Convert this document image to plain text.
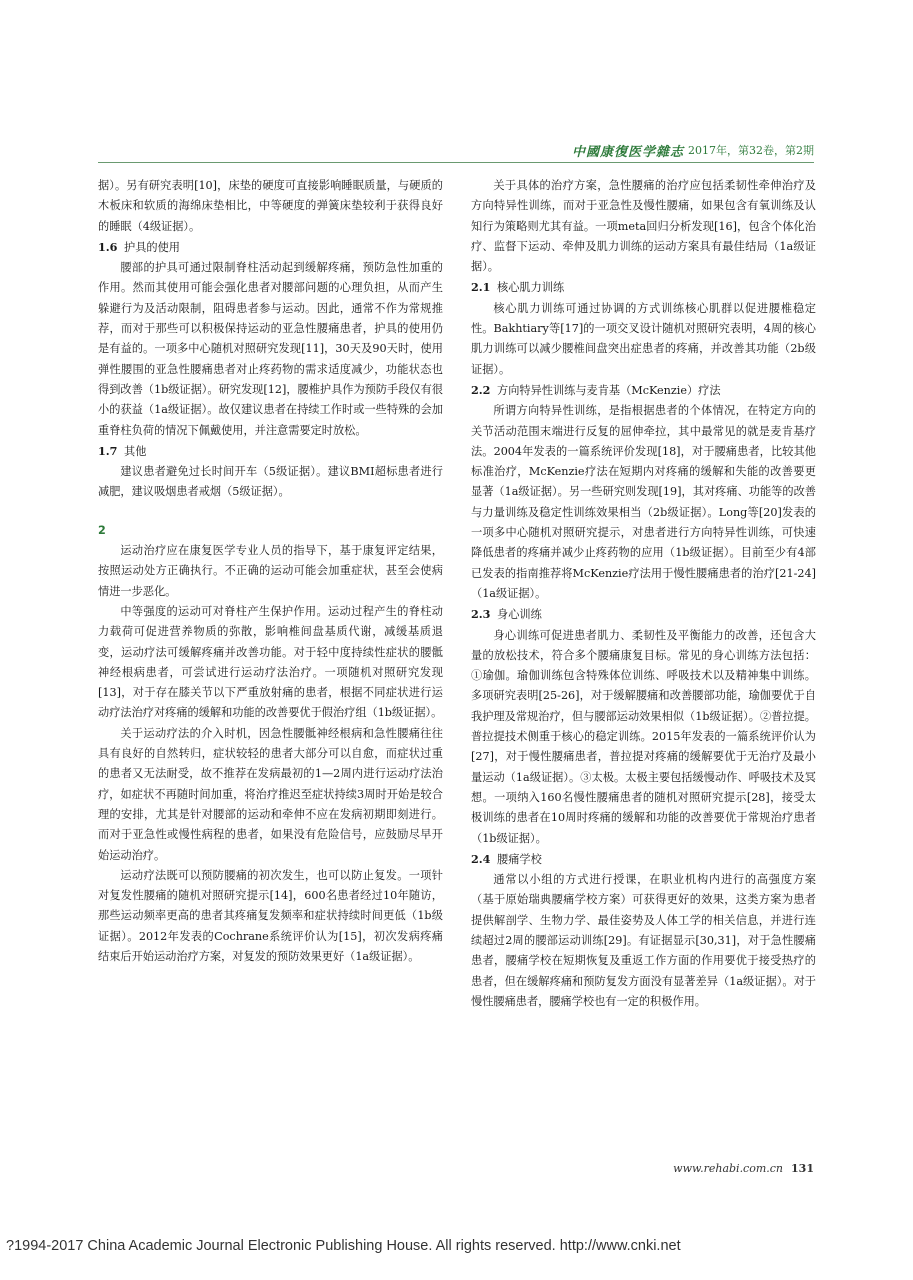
中國康復医学雜志 2017年，第32卷，第2期

据）。另有研究表明[10]，床垫的硬度可直接影响睡眠质量，与硬质的木板床和软质的海绵床垫相比，中等硬度的弹簧床垫较利于获得良好的睡眠（4级证据）。

1.6 护具的使用

腰部的护具可通过限制脊柱活动起到缓解疼痛，预防急性加重的作用。然而其使用可能会强化患者对腰部问题的心理负担，从而产生躲避行为及活动限制，阻碍患者参与运动。因此，通常不作为常规推荐，而对于那些可以积极保持运动的亚急性腰痛患者，护具的使用仍是有益的。一项多中心随机对照研究发现[11]，30天及90天时，使用弹性腰围的亚急性腰痛患者对止疼药物的需求适度减少，功能状态也得到改善（1b级证据）。研究发现[12]，腰椎护具作为预防手段仅有很小的获益（1a级证据）。故仅建议患者在持续工作时或一些特殊的会加重脊柱负荷的情况下佩戴使用，并注意需要定时放松。

1.7 其他

建议患者避免过长时间开车（5级证据）。建议BMI超标患者进行减肥，建议吸烟患者戒烟（5级证据）。

2

运动治疗应在康复医学专业人员的指导下，基于康复评定结果，按照运动处方正确执行。不正确的运动可能会加重症状，甚至会使病情进一步恶化。

中等强度的运动可对脊柱产生保护作用。运动过程产生的脊柱动力载荷可促进营养物质的弥散，影响椎间盘基质代谢，减缓基质退变，运动疗法可缓解疼痛并改善功能。对于轻中度持续性症状的腰骶神经根病患者，可尝试进行运动疗法治疗。一项随机对照研究发现[13]，对于存在膝关节以下严重放射痛的患者，根据不同症状进行运动疗法治疗对疼痛的缓解和功能的改善要优于假治疗组（1b级证据）。

关于运动疗法的介入时机，因急性腰骶神经根病和急性腰痛往往具有良好的自然转归，症状较轻的患者大部分可以自愈，而症状过重的患者又无法耐受，故不推荐在发病最初的1—2周内进行运动疗法治疗，如症状不再随时间加重，将治疗推迟至症状持续3周时开始是较合理的安排，尤其是针对腰部的运动和牵伸不应在发病初期即刻进行。而对于亚急性或慢性病程的患者，如果没有危险信号，应鼓励尽早开始运动治疗。

运动疗法既可以预防腰痛的初次发生，也可以防止复发。一项针对复发性腰痛的随机对照研究提示[14]，600名患者经过10年随访，那些运动频率更高的患者其疼痛复发频率和症状持续时间更低（1b级证据）。2012年发表的Cochrane系统评价认为[15]，初次发病疼痛结束后开始运动治疗方案，对复发的预防效果更好（1a级证据）。

关于具体的治疗方案，急性腰痛的治疗应包括柔韧性牵伸治疗及方向特异性训练，而对于亚急性及慢性腰痛，如果包含有氧训练及认知行为策略则尤其有益。一项meta回归分析发现[16]，包含个体化治疗、监督下运动、牵伸及肌力训练的运动方案具有最佳结局（1a级证据）。

2.1 核心肌力训练

核心肌力训练可通过协调的方式训练核心肌群以促进腰椎稳定性。Bakhtiary等[17]的一项交叉设计随机对照研究表明，4周的核心肌力训练可以减少腰椎间盘突出症患者的疼痛，并改善其功能（2b级证据）。

2.2 方向特异性训练与麦肯基（McKenzie）疗法

所谓方向特异性训练，是指根据患者的个体情况，在特定方向的关节活动范围末端进行反复的屈伸牵拉，其中最常见的就是麦肯基疗法。2004年发表的一篇系统评价发现[18]，对于腰痛患者，比较其他标准治疗，McKenzie疗法在短期内对疼痛的缓解和失能的改善要更显著（1a级证据）。另一些研究则发现[19]，其对疼痛、功能等的改善与力量训练及稳定性训练效果相当（2b级证据）。Long等[20]发表的一项多中心随机对照研究提示，对患者进行方向特异性训练，可快速降低患者的疼痛并减少止疼药物的应用（1b级证据）。目前至少有4部已发表的指南推荐将McKenzie疗法用于慢性腰痛患者的治疗[21-24]（1a级证据）。

2.3 身心训练

身心训练可促进患者肌力、柔韧性及平衡能力的改善，还包含大量的放松技术，符合多个腰痛康复目标。常见的身心训练方法包括：①瑜伽。瑜伽训练包含特殊体位训练、呼吸技术以及精神集中训练。多项研究表明[25-26]，对于缓解腰痛和改善腰部功能，瑜伽要优于自我护理及常规治疗，但与腰部运动效果相似（1b级证据）。②普拉提。普拉提技术侧重于核心的稳定训练。2015年发表的一篇系统评价认为[27]，对于慢性腰痛患者，普拉提对疼痛的缓解要优于无治疗及最小量运动（1a级证据）。③太极。太极主要包括缓慢动作、呼吸技术及冥想。一项纳入160名慢性腰痛患者的随机对照研究提示[28]，接受太极训练的患者在10周时疼痛的缓解和功能的改善要优于常规治疗患者（1b级证据）。

2.4 腰痛学校

通常以小组的方式进行授课，在职业机构内进行的高强度方案（基于原始瑞典腰痛学校方案）可获得更好的效果，这类方案为患者提供解剖学、生物力学、最佳姿势及人体工学的相关信息，并进行连续超过2周的腰部运动训练[29]。有证据显示[30,31]，对于急性腰痛患者，腰痛学校在短期恢复及重返工作方面的作用要优于接受热疗的患者，但在缓解疼痛和预防复发方面没有显著差异（1a级证据）。对于慢性腰痛患者，腰痛学校也有一定的积极作用。

www.rehabi.com.cn 131
?1994-2017 China Academic Journal Electronic Publishing House. All rights reserved. http://www.cnki.net
